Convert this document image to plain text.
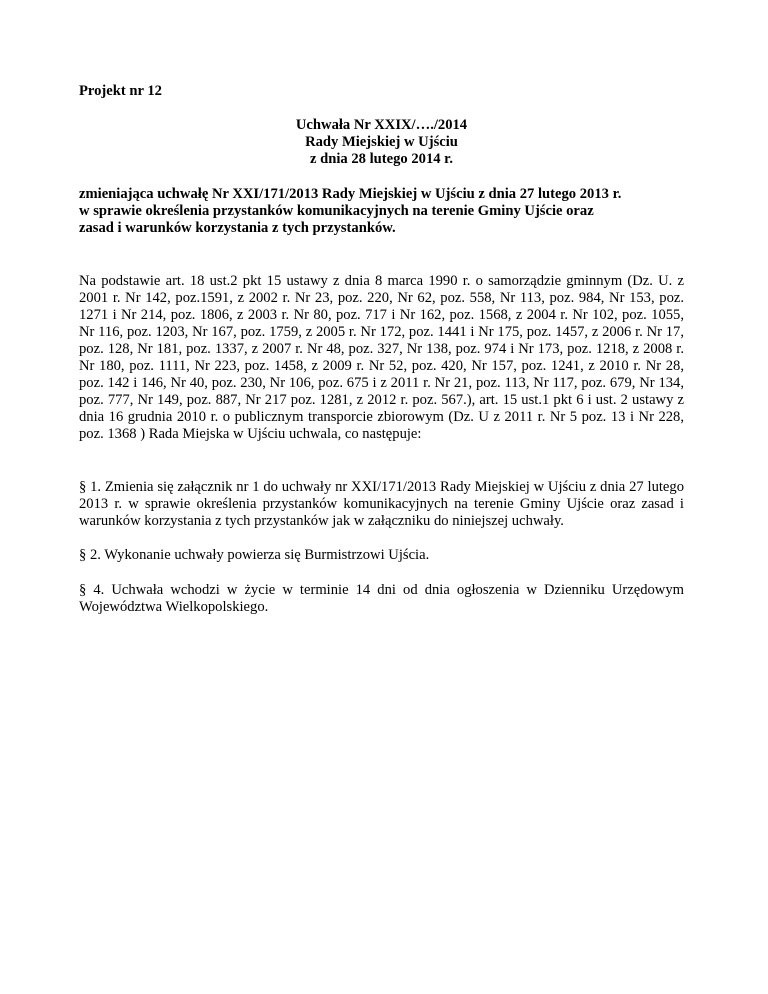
Projekt nr 12

Uchwała Nr XXIX/…./2014
Rady Miejskiej w Ujściu
z dnia 28 lutego 2014 r.
zmieniająca uchwałę Nr XXI/171/2013 Rady Miejskiej w Ujściu z dnia 27 lutego 2013 r.
w sprawie określenia przystanków komunikacyjnych na terenie Gminy Ujście oraz
zasad i warunków korzystania z tych przystanków.

Na podstawie art. 18 ust.2 pkt 15 ustawy z dnia 8 marca 1990 r. o samorządzie gminnym (Dz. U. z 2001 r. Nr 142, poz.1591, z 2002 r. Nr 23, poz. 220, Nr 62, poz. 558, Nr 113, poz. 984, Nr 153, poz. 1271 i Nr 214, poz. 1806, z 2003 r. Nr 80, poz. 717 i Nr 162, poz. 1568, z 2004 r. Nr 102, poz. 1055, Nr 116, poz. 1203, Nr 167, poz. 1759, z 2005 r. Nr 172, poz. 1441 i Nr 175, poz. 1457, z 2006 r. Nr 17, poz. 128, Nr 181, poz. 1337, z 2007 r. Nr 48, poz. 327, Nr 138, poz. 974 i Nr 173, poz. 1218, z 2008 r. Nr 180, poz. 1111, Nr 223, poz. 1458, z 2009 r. Nr 52, poz. 420, Nr 157, poz. 1241, z 2010 r. Nr 28, poz. 142 i 146, Nr 40, poz. 230, Nr 106, poz. 675 i z 2011 r. Nr 21, poz. 113, Nr 117, poz. 679, Nr 134, poz. 777, Nr 149, poz. 887, Nr 217 poz. 1281, z 2012 r. poz. 567.), art. 15 ust.1 pkt 6 i ust. 2 ustawy z dnia 16 grudnia 2010 r. o publicznym transporcie zbiorowym (Dz. U z 2011 r. Nr 5 poz. 13 i Nr 228, poz. 1368 ) Rada Miejska w Ujściu uchwala, co następuje:

§ 1. Zmienia się załącznik nr 1 do uchwały nr XXI/171/2013 Rady Miejskiej w Ujściu z dnia 27 lutego 2013 r. w sprawie określenia przystanków komunikacyjnych na terenie Gminy Ujście oraz zasad i warunków korzystania z tych przystanków jak w załączniku do niniejszej uchwały.

§ 2. Wykonanie uchwały powierza się Burmistrzowi Ujścia.

§ 4. Uchwała wchodzi w życie w terminie 14 dni od dnia ogłoszenia w Dzienniku Urzędowym Województwa Wielkopolskiego.
